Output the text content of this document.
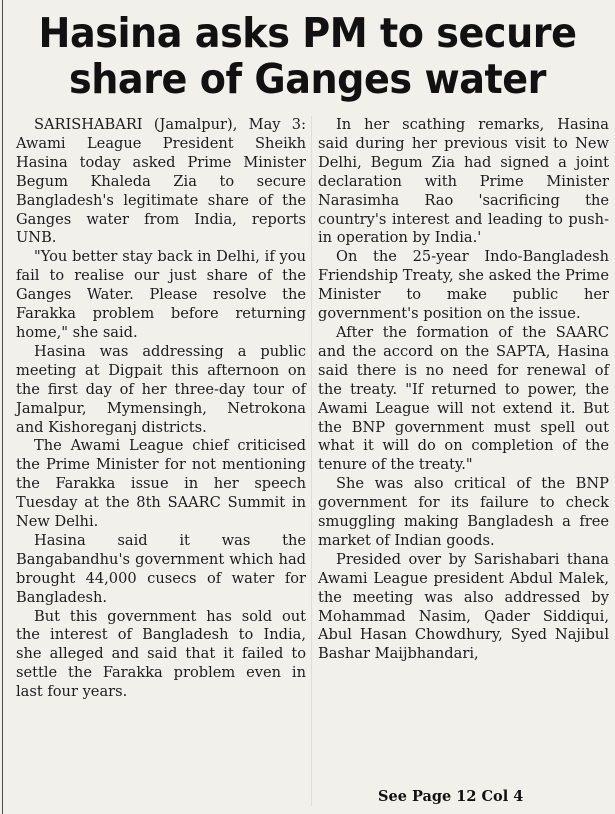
Hasina asks PM to secure
share of Ganges water

SARISHABARI (Jamalpur), May 3: Awami League President Sheikh Hasina today asked Prime Minister Begum Khaleda Zia to secure Bangladesh's legitimate share of the Ganges water from India, reports UNB.

"You better stay back in Delhi, if you fail to realise our just share of the Ganges Water. Please resolve the Farakka problem before returning home," she said.

Hasina was addressing a public meeting at Digpait this afternoon on the first day of her three-day tour of Jamalpur, Mymensingh, Netrokona and Kishoreganj districts.

The Awami League chief criticised the Prime Minister for not mentioning the Farakka issue in her speech Tuesday at the 8th SAARC Summit in New Delhi.

Hasina said it was the Bangabandhu's government which had brought 44,000 cusecs of water for Bangladesh.

But this government has sold out the interest of Bangladesh to India, she alleged and said that it failed to settle the Farakka problem even in last four years.

In her scathing remarks, Hasina said during her previous visit to New Delhi, Begum Zia had signed a joint declaration with Prime Minister Narasimha Rao 'sacrificing the country's interest and leading to push-in operation by India.'

On the 25-year Indo-Bangladesh Friendship Treaty, she asked the Prime Minister to make public her government's position on the issue.

After the formation of the SAARC and the accord on the SAPTA, Hasina said there is no need for renewal of the treaty. "If returned to power, the Awami League will not extend it. But the BNP government must spell out what it will do on completion of the tenure of the treaty."

She was also critical of the BNP government for its failure to check smuggling making Bangladesh a free market of Indian goods.

Presided over by Sarishabari thana Awami League president Abdul Malek, the meeting was also addressed by Mohammad Nasim, Qader Siddiqui, Abul Hasan Chowdhury, Syed Najibul Bashar Maijbhandari,

See Page 12 Col 4
